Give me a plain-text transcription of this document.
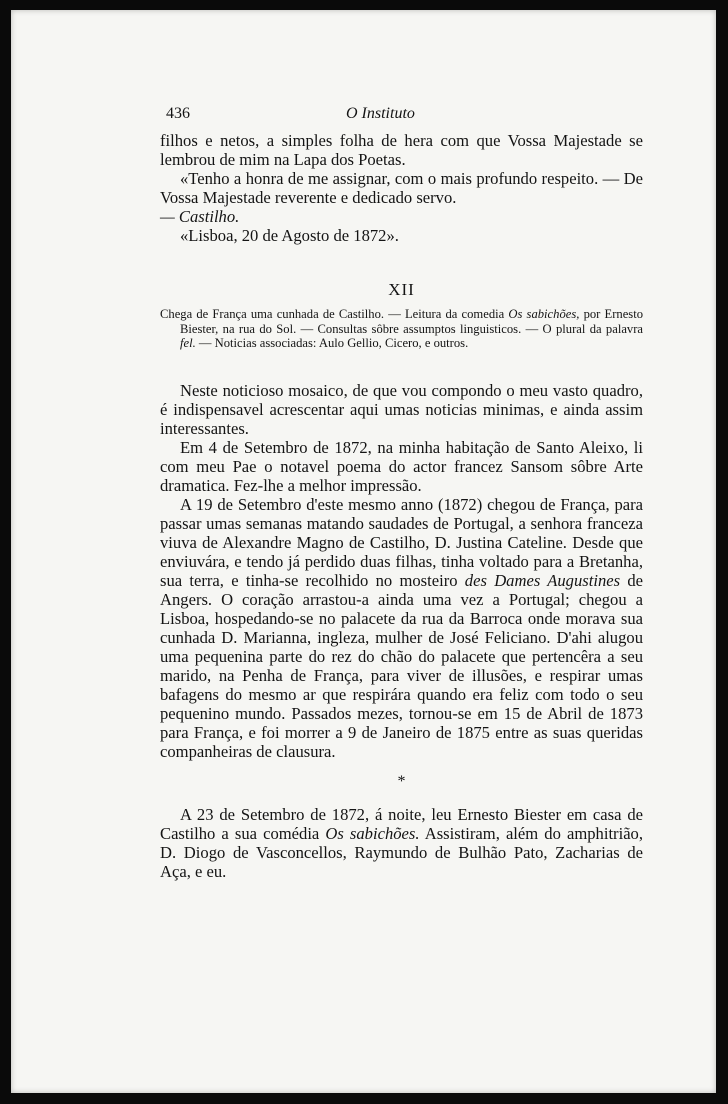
436	O Instituto

filhos e netos, a simples folha de hera com que Vossa Majestade se lembrou de mim na Lapa dos Poetas.

«Tenho a honra de me assignar, com o mais profundo respeito. — De Vossa Majestade reverente e dedicado servo.

— Castilho.

«Lisboa, 20 de Agosto de 1872».

XII

Chega de França uma cunhada de Castilho. — Leitura da comedia Os sabichões, por Ernesto Biester, na rua do Sol. — Consultas sôbre assumptos linguisticos. — O plural da palavra fel. — Noticias associadas: Aulo Gellio, Cicero, e outros.

Neste noticioso mosaico, de que vou compondo o meu vasto quadro, é indispensavel acrescentar aqui umas noticias minimas, e ainda assim interessantes.

Em 4 de Setembro de 1872, na minha habitação de Santo Aleixo, li com meu Pae o notavel poema do actor francez Sansom sôbre Arte dramatica. Fez-lhe a melhor impressão.

A 19 de Setembro d'este mesmo anno (1872) chegou de França, para passar umas semanas matando saudades de Portugal, a senhora franceza viuva de Alexandre Magno de Castilho, D. Justina Cateline. Desde que enviuvára, e tendo já perdido duas filhas, tinha voltado para a Bretanha, sua terra, e tinha-se recolhido no mosteiro des Dames Augustines de Angers. O coração arrastou-a ainda uma vez a Portugal; chegou a Lisboa, hospedando-se no palacete da rua da Barroca onde morava sua cunhada D. Marianna, ingleza, mulher de José Feliciano. D'ahi alugou uma pequenina parte do rez do chão do palacete que pertencêra a seu marido, na Penha de França, para viver de illusões, e respirar umas bafagens do mesmo ar que respirára quando era feliz com todo o seu pequenino mundo. Passados mezes, tornou-se em 15 de Abril de 1873 para França, e foi morrer a 9 de Janeiro de 1875 entre as suas queridas companheiras de clausura.

*

A 23 de Setembro de 1872, á noite, leu Ernesto Biester em casa de Castilho a sua comédia Os sabichões. Assistiram, além do amphitrião, D. Diogo de Vasconcellos, Raymundo de Bulhão Pato, Zacharias de Aça, e eu.
